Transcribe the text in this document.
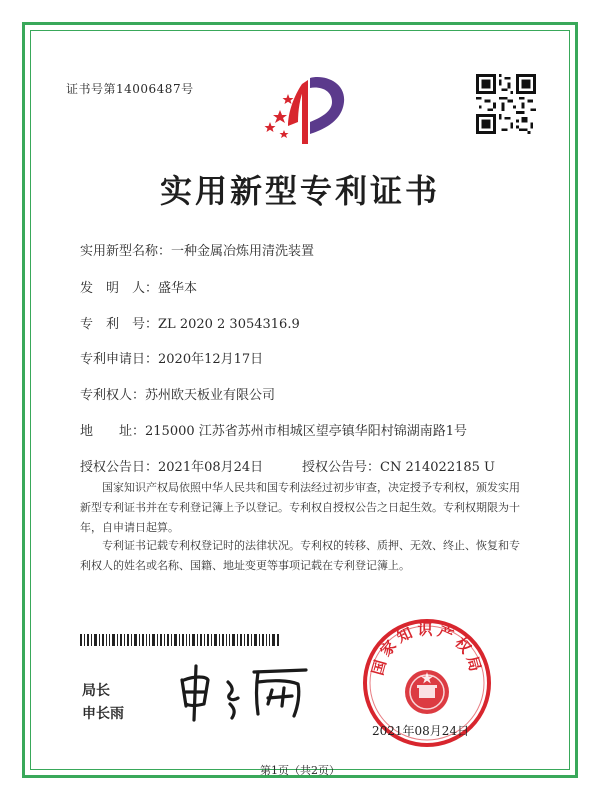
证书号第14006487号
实用新型专利证书
实用新型名称：一种金属冶炼用清洗装置
发　明　人：盛华本
专　利　号：ZL 2020 2 3054316.9
专利申请日：2020年12月17日
专利权人：苏州欧天板业有限公司
地　　址：215000 江苏省苏州市相城区望亭镇华阳村锦湖南路1号
授权公告日：2021年08月24日	授权公告号：CN 214022185 U

国家知识产权局依照中华人民共和国专利法经过初步审查，决定授予专利权，颁发实用新型专利证书并在专利登记簿上予以登记。专利权自授权公告之日起生效。专利权期限为十年，自申请日起算。

专利证书记载专利权登记时的法律状况。专利权的转移、质押、无效、终止、恢复和专利权人的姓名或名称、国籍、地址变更等事项记载在专利登记簿上。

局长
申长雨
国家知识产权局
2021年08月24日
第1页（共2页）
